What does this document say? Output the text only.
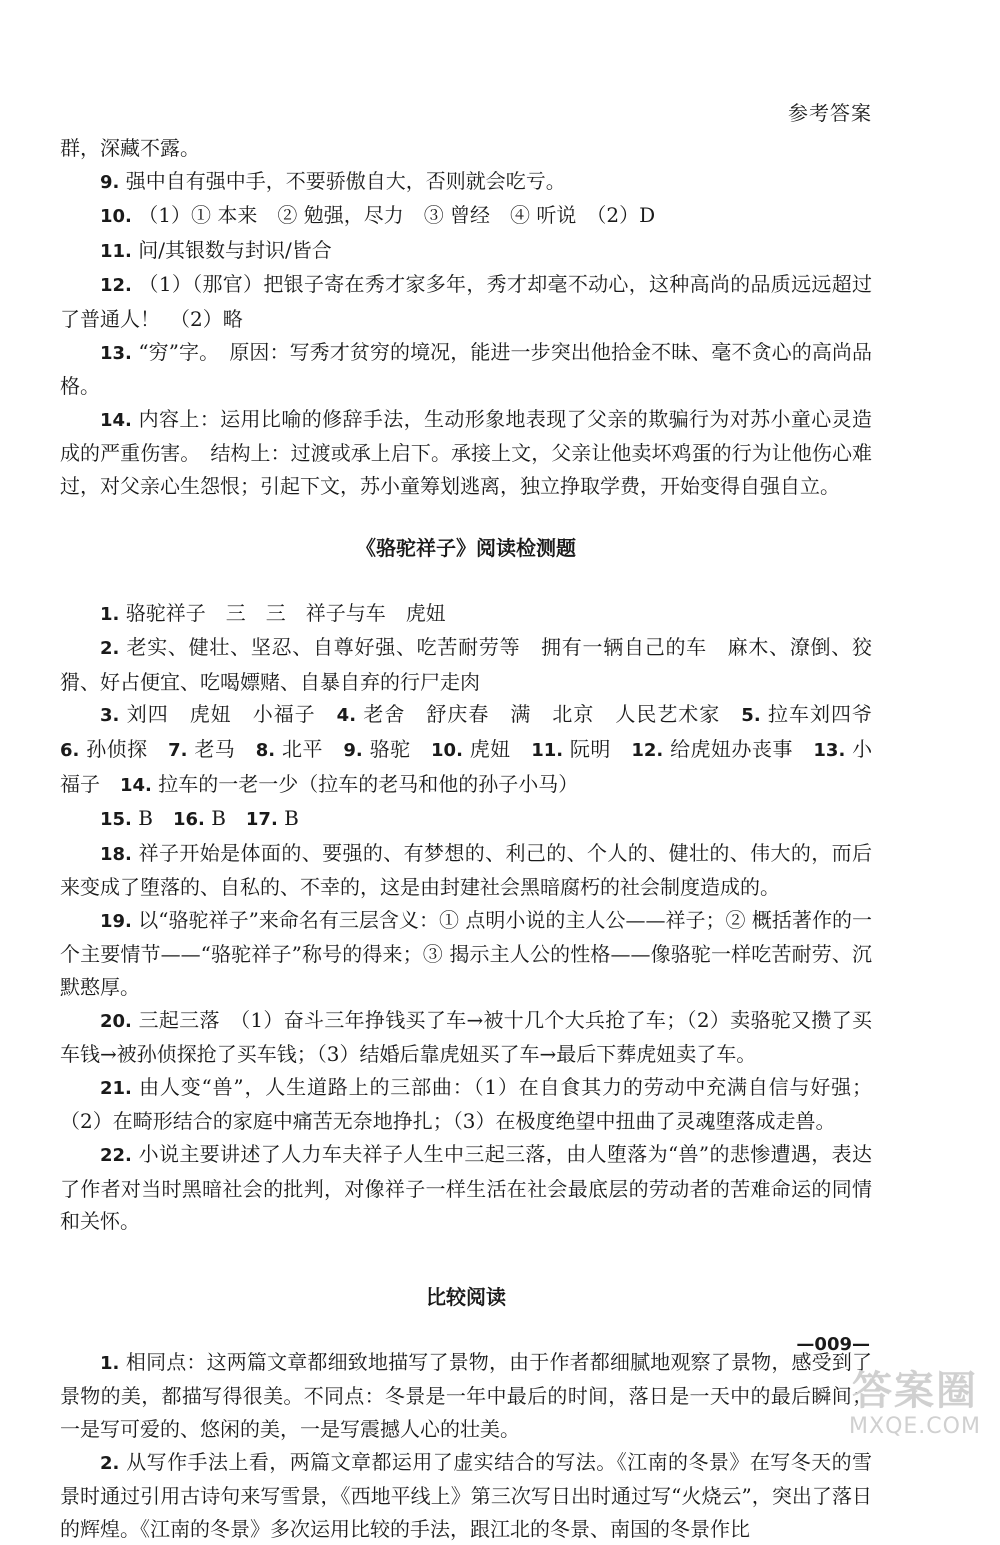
参考答案

群，深藏不露。

9. 强中自有强中手，不要骄傲自大，否则就会吃亏。

10. （1）① 本来　② 勉强，尽力　③ 曾经　④ 听说　（2）D

11. 问/其银数与封识/皆合

12. （1）（那官）把银子寄在秀才家多年，秀才却毫不动心，这种高尚的品质远远超过了普通人！　（2）略

13. “穷”字。　原因：写秀才贫穷的境况，能进一步突出他拾金不昧、毫不贪心的高尚品格。

14. 内容上：运用比喻的修辞手法，生动形象地表现了父亲的欺骗行为对苏小童心灵造成的严重伤害。　结构上：过渡或承上启下。承接上文，父亲让他卖坏鸡蛋的行为让他伤心难过，对父亲心生怨恨；引起下文，苏小童筹划逃离，独立挣取学费，开始变得自强自立。

《骆驼祥子》阅读检测题

1. 骆驼祥子　三　三　祥子与车　虎妞

2. 老实、健壮、坚忍、自尊好强、吃苦耐劳等　拥有一辆自己的车　麻木、潦倒、狡猾、好占便宜、吃喝嫖赌、自暴自弃的行尸走肉

3. 刘四　虎妞　小福子　4. 老舍　舒庆春　满　北京　人民艺术家　5. 拉车刘四爷　6. 孙侦探　7. 老马　8. 北平　9. 骆驼　10. 虎妞　11. 阮明　12. 给虎妞办丧事　13. 小福子　14. 拉车的一老一少（拉车的老马和他的孙子小马）

15. B　16. B　17. B

18. 祥子开始是体面的、要强的、有梦想的、利己的、个人的、健壮的、伟大的，而后来变成了堕落的、自私的、不幸的，这是由封建社会黑暗腐朽的社会制度造成的。

19. 以“骆驼祥子”来命名有三层含义：① 点明小说的主人公——祥子；② 概括著作的一个主要情节——“骆驼祥子”称号的得来；③ 揭示主人公的性格——像骆驼一样吃苦耐劳、沉默憨厚。

20. 三起三落　（1）奋斗三年挣钱买了车→被十几个大兵抢了车；（2）卖骆驼又攒了买车钱→被孙侦探抢了买车钱；（3）结婚后靠虎妞买了车→最后下葬虎妞卖了车。

21. 由人变“兽”，人生道路上的三部曲：（1）在自食其力的劳动中充满自信与好强；（2）在畸形结合的家庭中痛苦无奈地挣扎；（3）在极度绝望中扭曲了灵魂堕落成走兽。

22. 小说主要讲述了人力车夫祥子人生中三起三落，由人堕落为“兽”的悲惨遭遇，表达了作者对当时黑暗社会的批判，对像祥子一样生活在社会最底层的劳动者的苦难命运的同情和关怀。

比较阅读

1. 相同点：这两篇文章都细致地描写了景物，由于作者都细腻地观察了景物，感受到了景物的美，都描写得很美。不同点：冬景是一年中最后的时间，落日是一天中的最后瞬间；一是写可爱的、悠闲的美，一是写震撼人心的壮美。

2. 从写作手法上看，两篇文章都运用了虚实结合的写法。《江南的冬景》在写冬天的雪景时通过引用古诗句来写雪景，《西地平线上》第三次写日出时通过写“火烧云”，突出了落日的辉煌。《江南的冬景》多次运用比较的手法，跟江北的冬景、南国的冬景作比

—009—
答案圈
MXQE.COM
